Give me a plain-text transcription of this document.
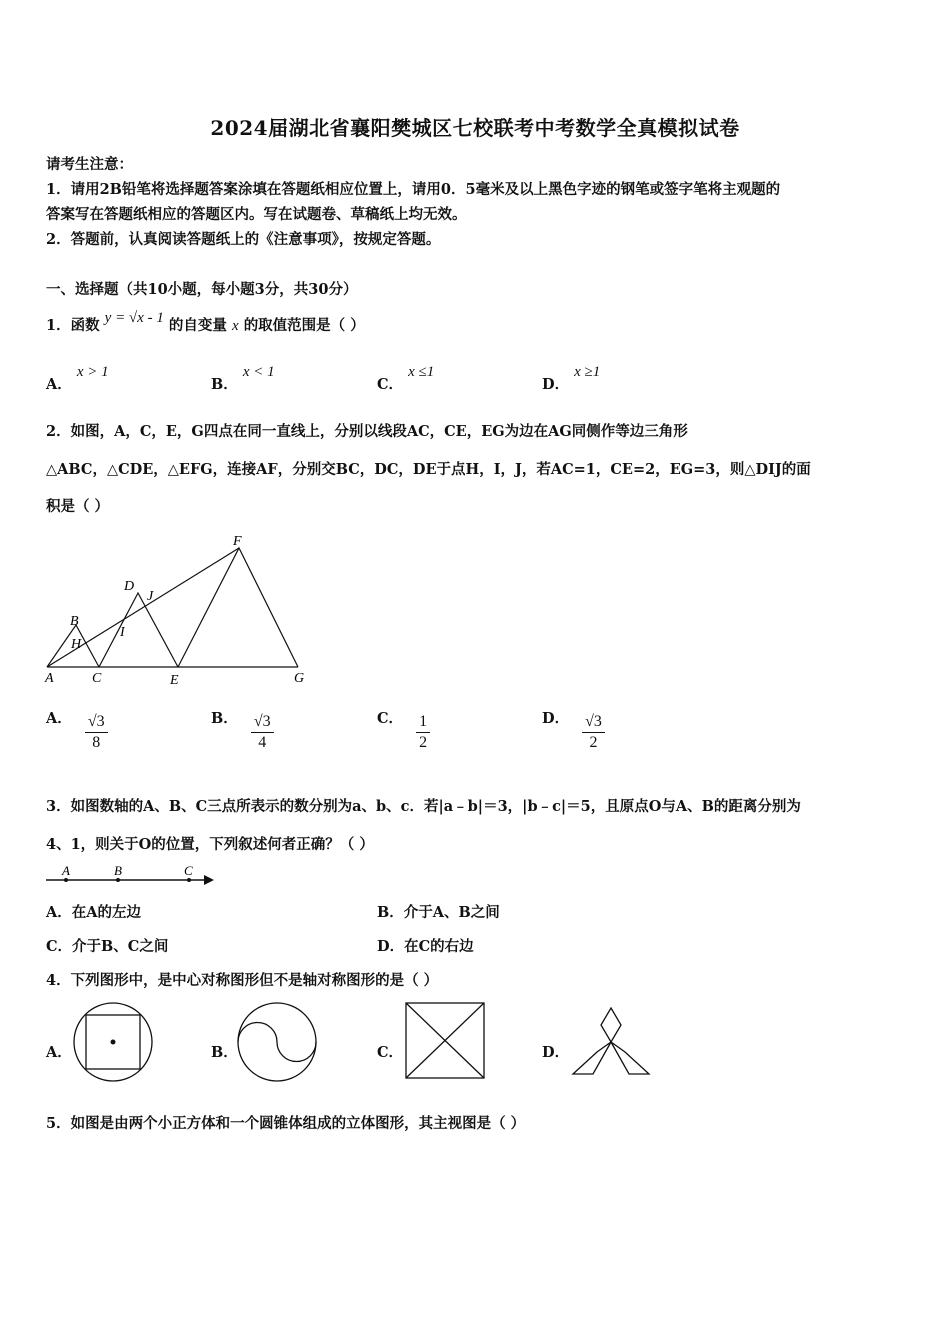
2024届湖北省襄阳樊城区七校联考中考数学全真模拟试卷
请考生注意：
1．请用2B铅笔将选择题答案涂填在答题纸相应位置上，请用0．5毫米及以上黑色字迹的钢笔或签字笔将主观题的
答案写在答题纸相应的答题区内。写在试题卷、草稿纸上均无效。
2．答题前，认真阅读答题纸上的《注意事项》，按规定答题。
一、选择题（共10小题，每小题3分，共30分）
1．函数 y = √x - 1 的自变量 x 的取值范围是（ ）
A． x > 1
B． x < 1
C． x ≤1
D． x ≥1
2．如图，A，C，E，G四点在同一直线上，分别以线段AC，CE，EG为边在AG同侧作等边三角形
△ABC，△CDE，△EFG，连接AF，分别交BC，DC，DE于点H，I，J，若AC=1，CE=2，EG=3，则△DIJ的面
积是（ ）
F
D
J
B
I
H
A	C	E	G
A． $\frac{√3}{8}$	B． $\frac{√3}{4}$	C． $\frac{1}{2}$	D． $\frac{√3}{2}$
3．如图数轴的A、B、C三点所表示的数分别为a、b、c．若|a﹣b|＝3，|b﹣c|＝5，且原点O与A、B的距离分别为
4、1，则关于O的位置，下列叙述何者正确？（ ）
A	B	C
A．在A的左边	B．介于A、B之间
C．介于B、C之间	D．在C的右边
4．下列图形中，是中心对称图形但不是轴对称图形的是（ ）
A．	B．	C．	D．
5．如图是由两个小正方体和一个圆锥体组成的立体图形，其主视图是（ ）
